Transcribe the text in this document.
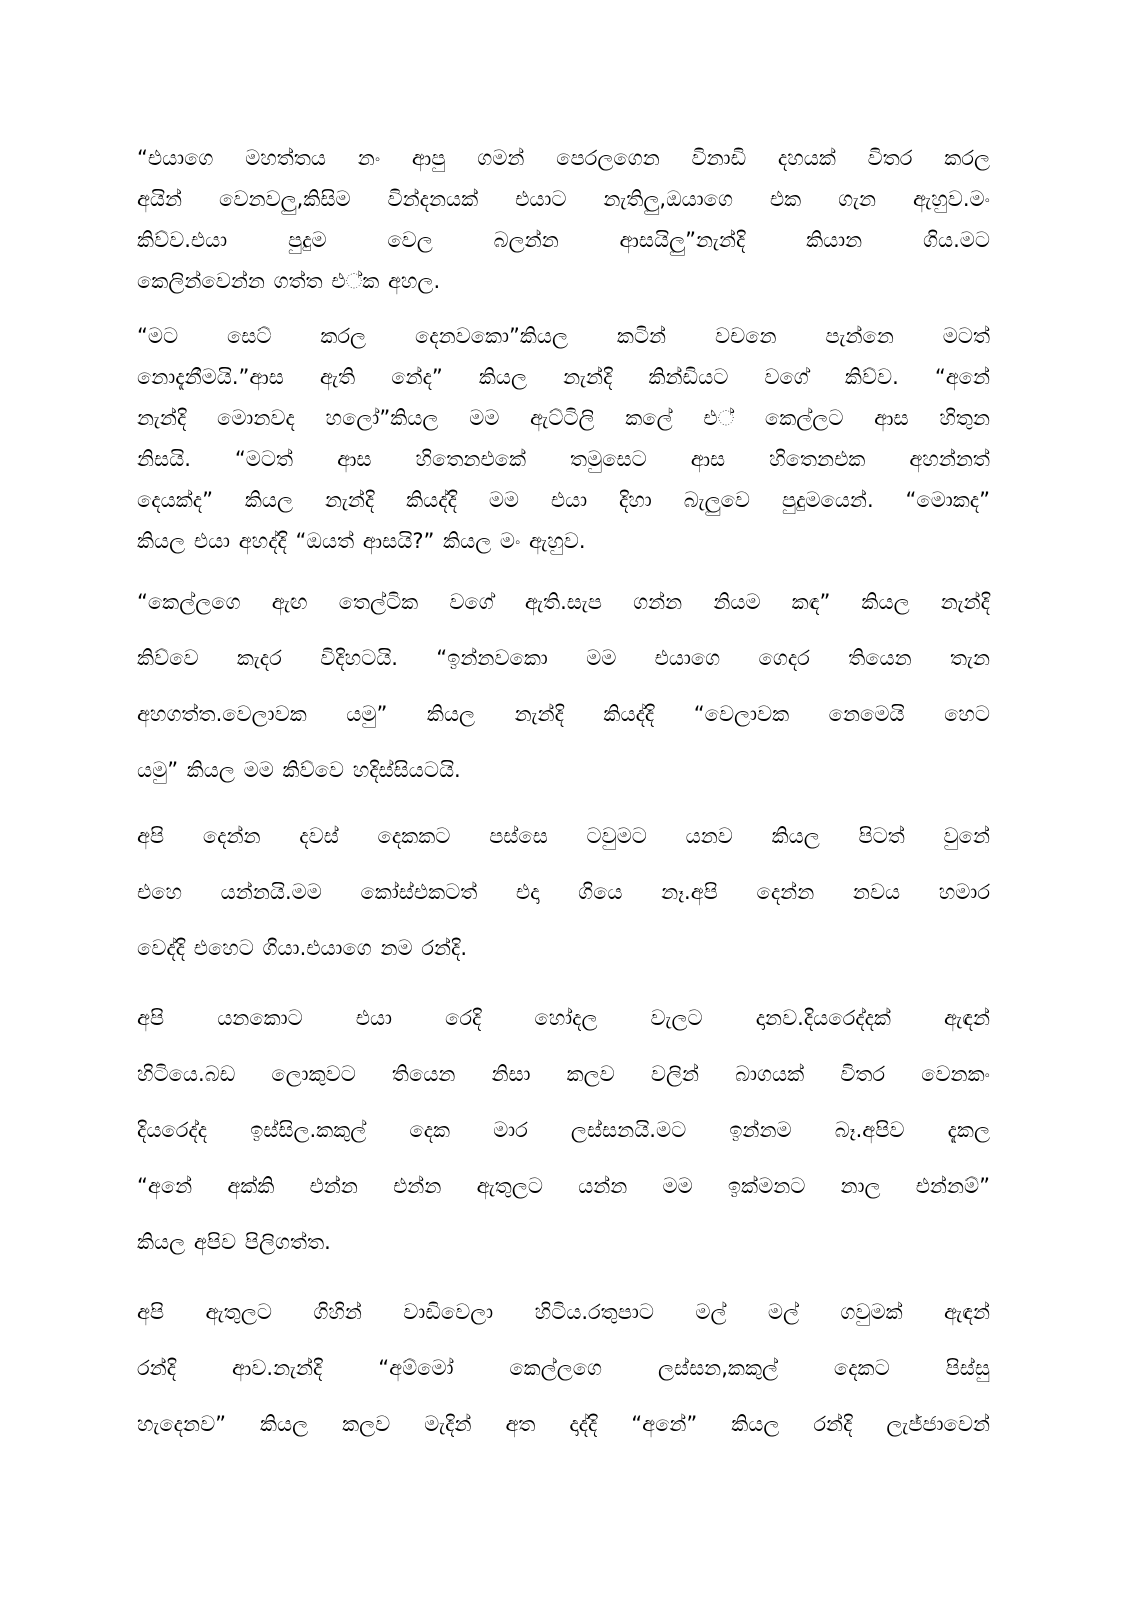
“එයාගෙ මහත්තය නං ආපු ගමන් පෙරලගෙන විනාඩි දහයක් විතර කරල
අයින් වෙනවලු,කිසිම වින්දනයක් එයාට නැතිලු,ඔයාගෙ එක ගැන ඇහුව.මං
කිව්ව.එයා පුදුම වෙල බලන්න ආසයිලු”නැන්දි කියාන ගිය.මට
කෙලින්වෙන්න ගත්ත එ්ක අහල.

“මට සෙට් කරල දෙනවකො”කියල කටින් වචනෙ පැන්නෙ මටත්
නොදැනීමයි.”ආස ඇති නේද” කියල නැන්දි කින්ඩියට වගේ කිව්ව. “අනේ
නැන්දි මොනවද හලෝ”කියල මම ඇට්ටිලි කලේ එ් කෙල්ලට ආස හිතුන
නිසයි. “මටත් ආස හිතෙනඑකේ තමුසෙට ආස හිතෙනඑක අහන්නත්
දෙයක්ද” කියල නැන්දි කියද්දි මම එයා දිහා බැලුවෙ පුදුමයෙන්. “මොකද”
කියල එයා අහද්දි “ඔයත් ආසයි?” කියල මං ඇහුව.

“කෙල්ලගෙ ඇඟ තෙල්ටික වගේ ඇති.සැප ගන්න නියම කඳ” කියල නැන්දි
කිව්වෙ කැදර විදිහටයි. “ඉන්නවකො මම එයාගෙ ගෙදර තියෙන තැන
අහගත්ත.වෙලාවක යමු” කියල නැන්දි කියද්දි “වෙලාවක නෙමෙයි හෙට
යමු” කියල මම කිව්වෙ හදිස්සියටයි.

අපි දෙන්න දවස් දෙකකට පස්සෙ ටවුමට යනව කියල පිටත් වුනේ
එහෙ යන්නයි.මම කෝස්එකටත් එදා ගියෙ නෑ.අපි දෙන්න නවය හමාර
වෙද්දි එහෙට ගියා.එයාගෙ නම රන්දි.

අපි යනකොට එයා රෙදි හෝදල වැලට දානව.දියරෙද්දක් ඇඳන්
හිටියෙ.බඩ ලොකුවට තියෙන නිසා කලව වලින් බාගයක් විතර වෙනකං
දියරෙද්ද ඉස්සිල.කකුල් දෙක මාර ලස්සනයි.මට ඉන්නම බෑ.අපිව දැකල
“අනේ අක්කි එන්න එන්න ඇතුලට යන්න මම ඉක්මනට නාල එන්නම්”
කියල අපිව පිලිගත්ත.

අපි ඇතුලට ගිහින් වාඩිවෙලා හිටිය.රතුපාට මල් මල් ගවුමක් ඇඳන්
රන්දි ආව.නැන්දි “අම්මෝ කෙල්ලගෙ ලස්සන,කකුල් දෙකට පිස්සු
හැදෙනව” කියල කලව මැදින් අත දාද්දි “අනේ” කියල රන්දි ලැජ්ජාවෙන්
